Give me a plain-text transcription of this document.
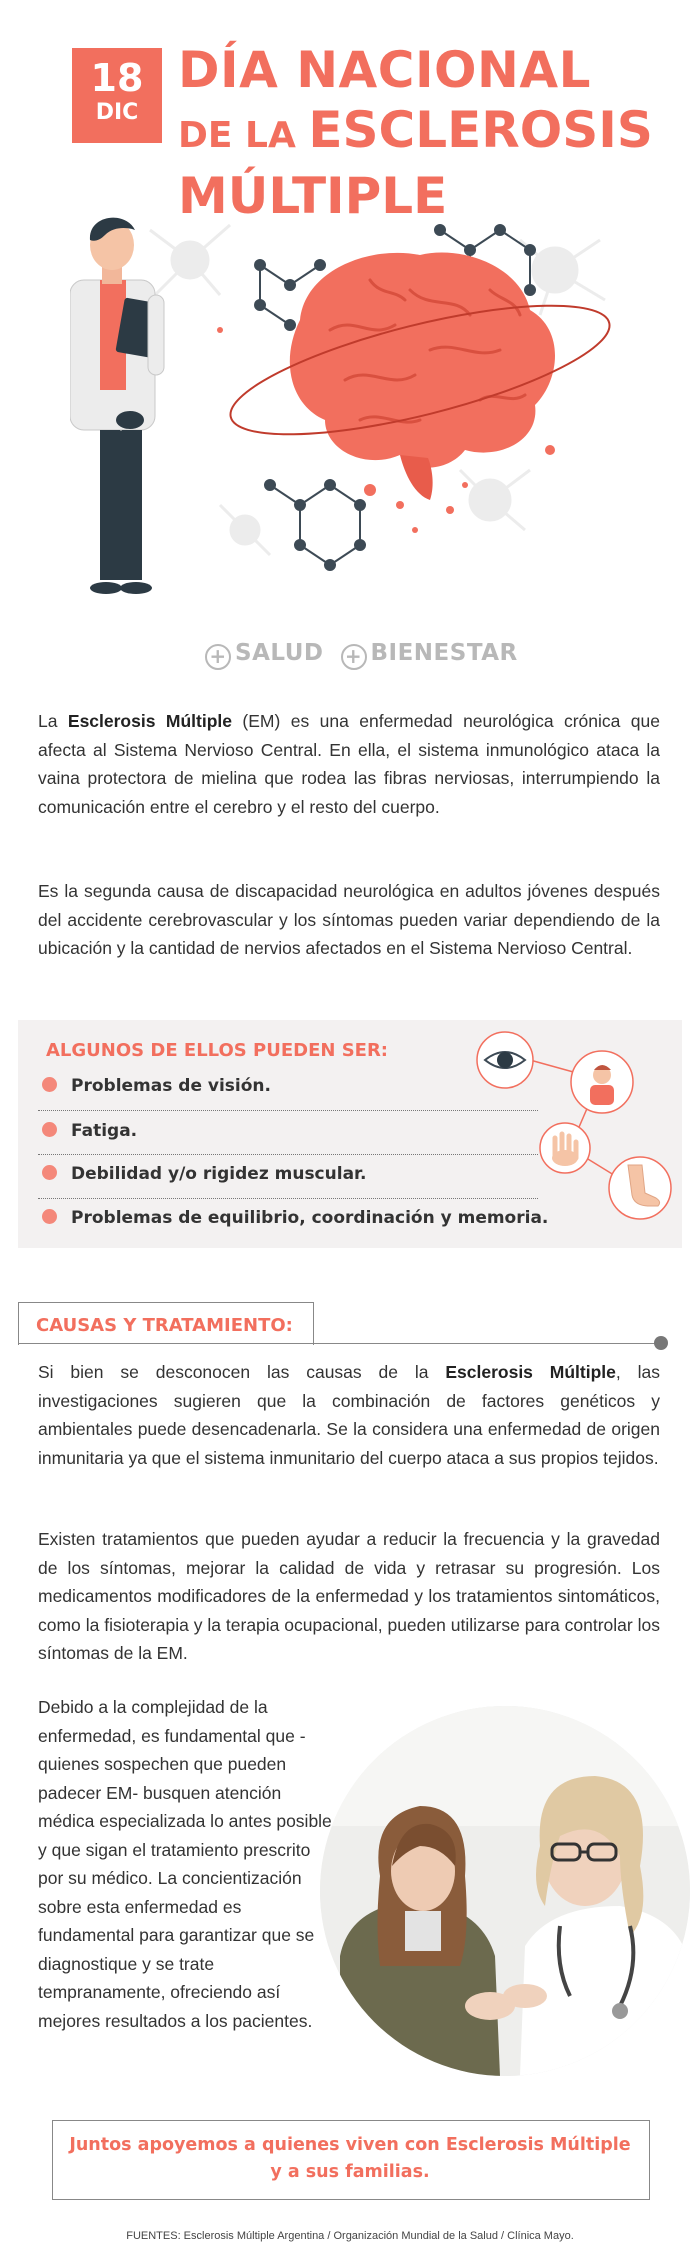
18
DIC
DÍA NACIONAL
DE LA ESCLEROSIS
MÚLTIPLE
+ SALUD + BIENESTAR
La Esclerosis Múltiple (EM) es una enfermedad neurológica crónica que afecta al Sistema Nervioso Central. En ella, el sistema inmunológico ataca la vaina protectora de mielina que rodea las fibras nerviosas, interrumpiendo la comunicación entre el cerebro y el resto del cuerpo.
Es la segunda causa de discapacidad neurológica en adultos jóvenes después del accidente cerebrovascular y los síntomas pueden variar dependiendo de la ubicación y la cantidad de nervios afectados en el Sistema Nervioso Central.
ALGUNOS DE ELLOS PUEDEN SER:
Problemas de visión.
Fatiga.
Debilidad y/o rigidez muscular.
Problemas de equilibrio, coordinación y memoria.
CAUSAS Y TRATAMIENTO:
Si bien se desconocen las causas de la Esclerosis Múltiple, las investigaciones sugieren que la combinación de factores genéticos y ambientales puede desencadenarla. Se la considera una enfermedad de origen inmunitaria ya que el sistema inmunitario del cuerpo ataca a sus propios tejidos.
Existen tratamientos que pueden ayudar a reducir la frecuencia y la gravedad de los síntomas, mejorar la calidad de vida y retrasar su progresión. Los medicamentos modificadores de la enfermedad y los tratamientos sintomáticos, como la fisioterapia y la terapia ocupacional, pueden utilizarse para controlar los síntomas de la EM.
Debido a la complejidad de la enfermedad, es fundamental que -quienes sospechen que pueden padecer EM- busquen atención médica especializada lo antes posible y que sigan el tratamiento prescrito por su médico. La concientización sobre esta enfermedad es fundamental para garantizar que se diagnostique y se trate tempranamente, ofreciendo así mejores resultados a los pacientes.
Juntos apoyemos a quienes viven con Esclerosis Múltiple
y a sus familias.
FUENTES: Esclerosis Múltiple Argentina / Organización Mundial de la Salud / Clínica Mayo.
